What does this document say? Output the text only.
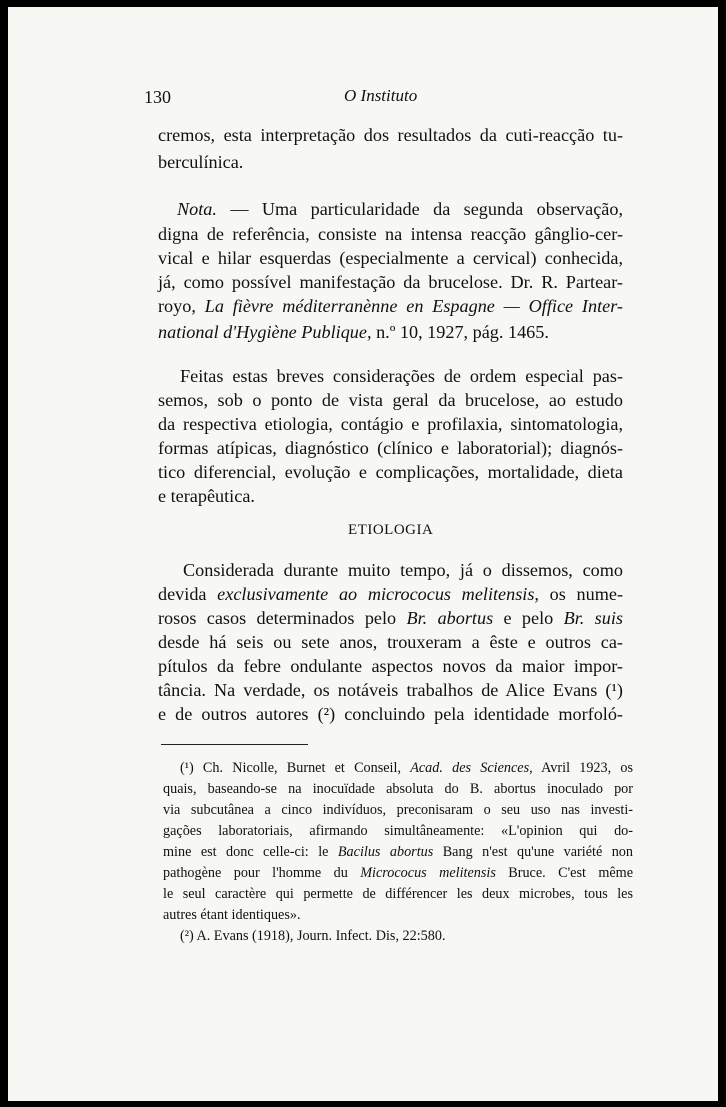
130	O Instituto

cremos, esta interpretação dos resultados da cuti-reacção tu-

berculínica.

Nota. — Uma particularidade da segunda observação,

digna de referência, consiste na intensa reacção gânglio-cer-

vical e hilar esquerdas (especialmente a cervical) conhecida,

já, como possível manifestação da brucelose. Dr. R. Partear-

royo, La fièvre méditerranènne en Espagne — Office Inter-

national d'Hygiène Publique, n.º 10, 1927, pág. 1465.

Feitas estas breves considerações de ordem especial pas-

semos, sob o ponto de vista geral da brucelose, ao estudo

da respectiva etiologia, contágio e profilaxia, sintomatologia,

formas atípicas, diagnóstico (clínico e laboratorial); diagnós-

tico diferencial, evolução e complicações, mortalidade, dieta

e terapêutica.

ETIOLOGIA

Considerada durante muito tempo, já o dissemos, como

devida exclusivamente ao micrococus melitensis, os nume-

rosos casos determinados pelo Br. abortus e pelo Br. suis

desde há seis ou sete anos, trouxeram a êste e outros ca-

pítulos da febre ondulante aspectos novos da maior impor-

tância. Na verdade, os notáveis trabalhos de Alice Evans (¹)

e de outros autores (²) concluindo pela identidade morfoló-

(¹) Ch. Nicolle, Burnet et Conseil, Acad. des Sciences, Avril 1923, os

quais, baseando-se na inocuïdade absoluta do B. abortus inoculado por

via subcutânea a cinco indivíduos, preconisaram o seu uso nas investi-

gações laboratoriais, afirmando simultâneamente: «L'opinion qui do-

mine est donc celle-ci: le Bacilus abortus Bang n'est qu'une variété non

pathogène pour l'homme du Micrococus melitensis Bruce. C'est même

le seul caractère qui permette de différencer les deux microbes, tous les

autres étant identiques».

(²) A. Evans (1918), Journ. Infect. Dis, 22:580.
